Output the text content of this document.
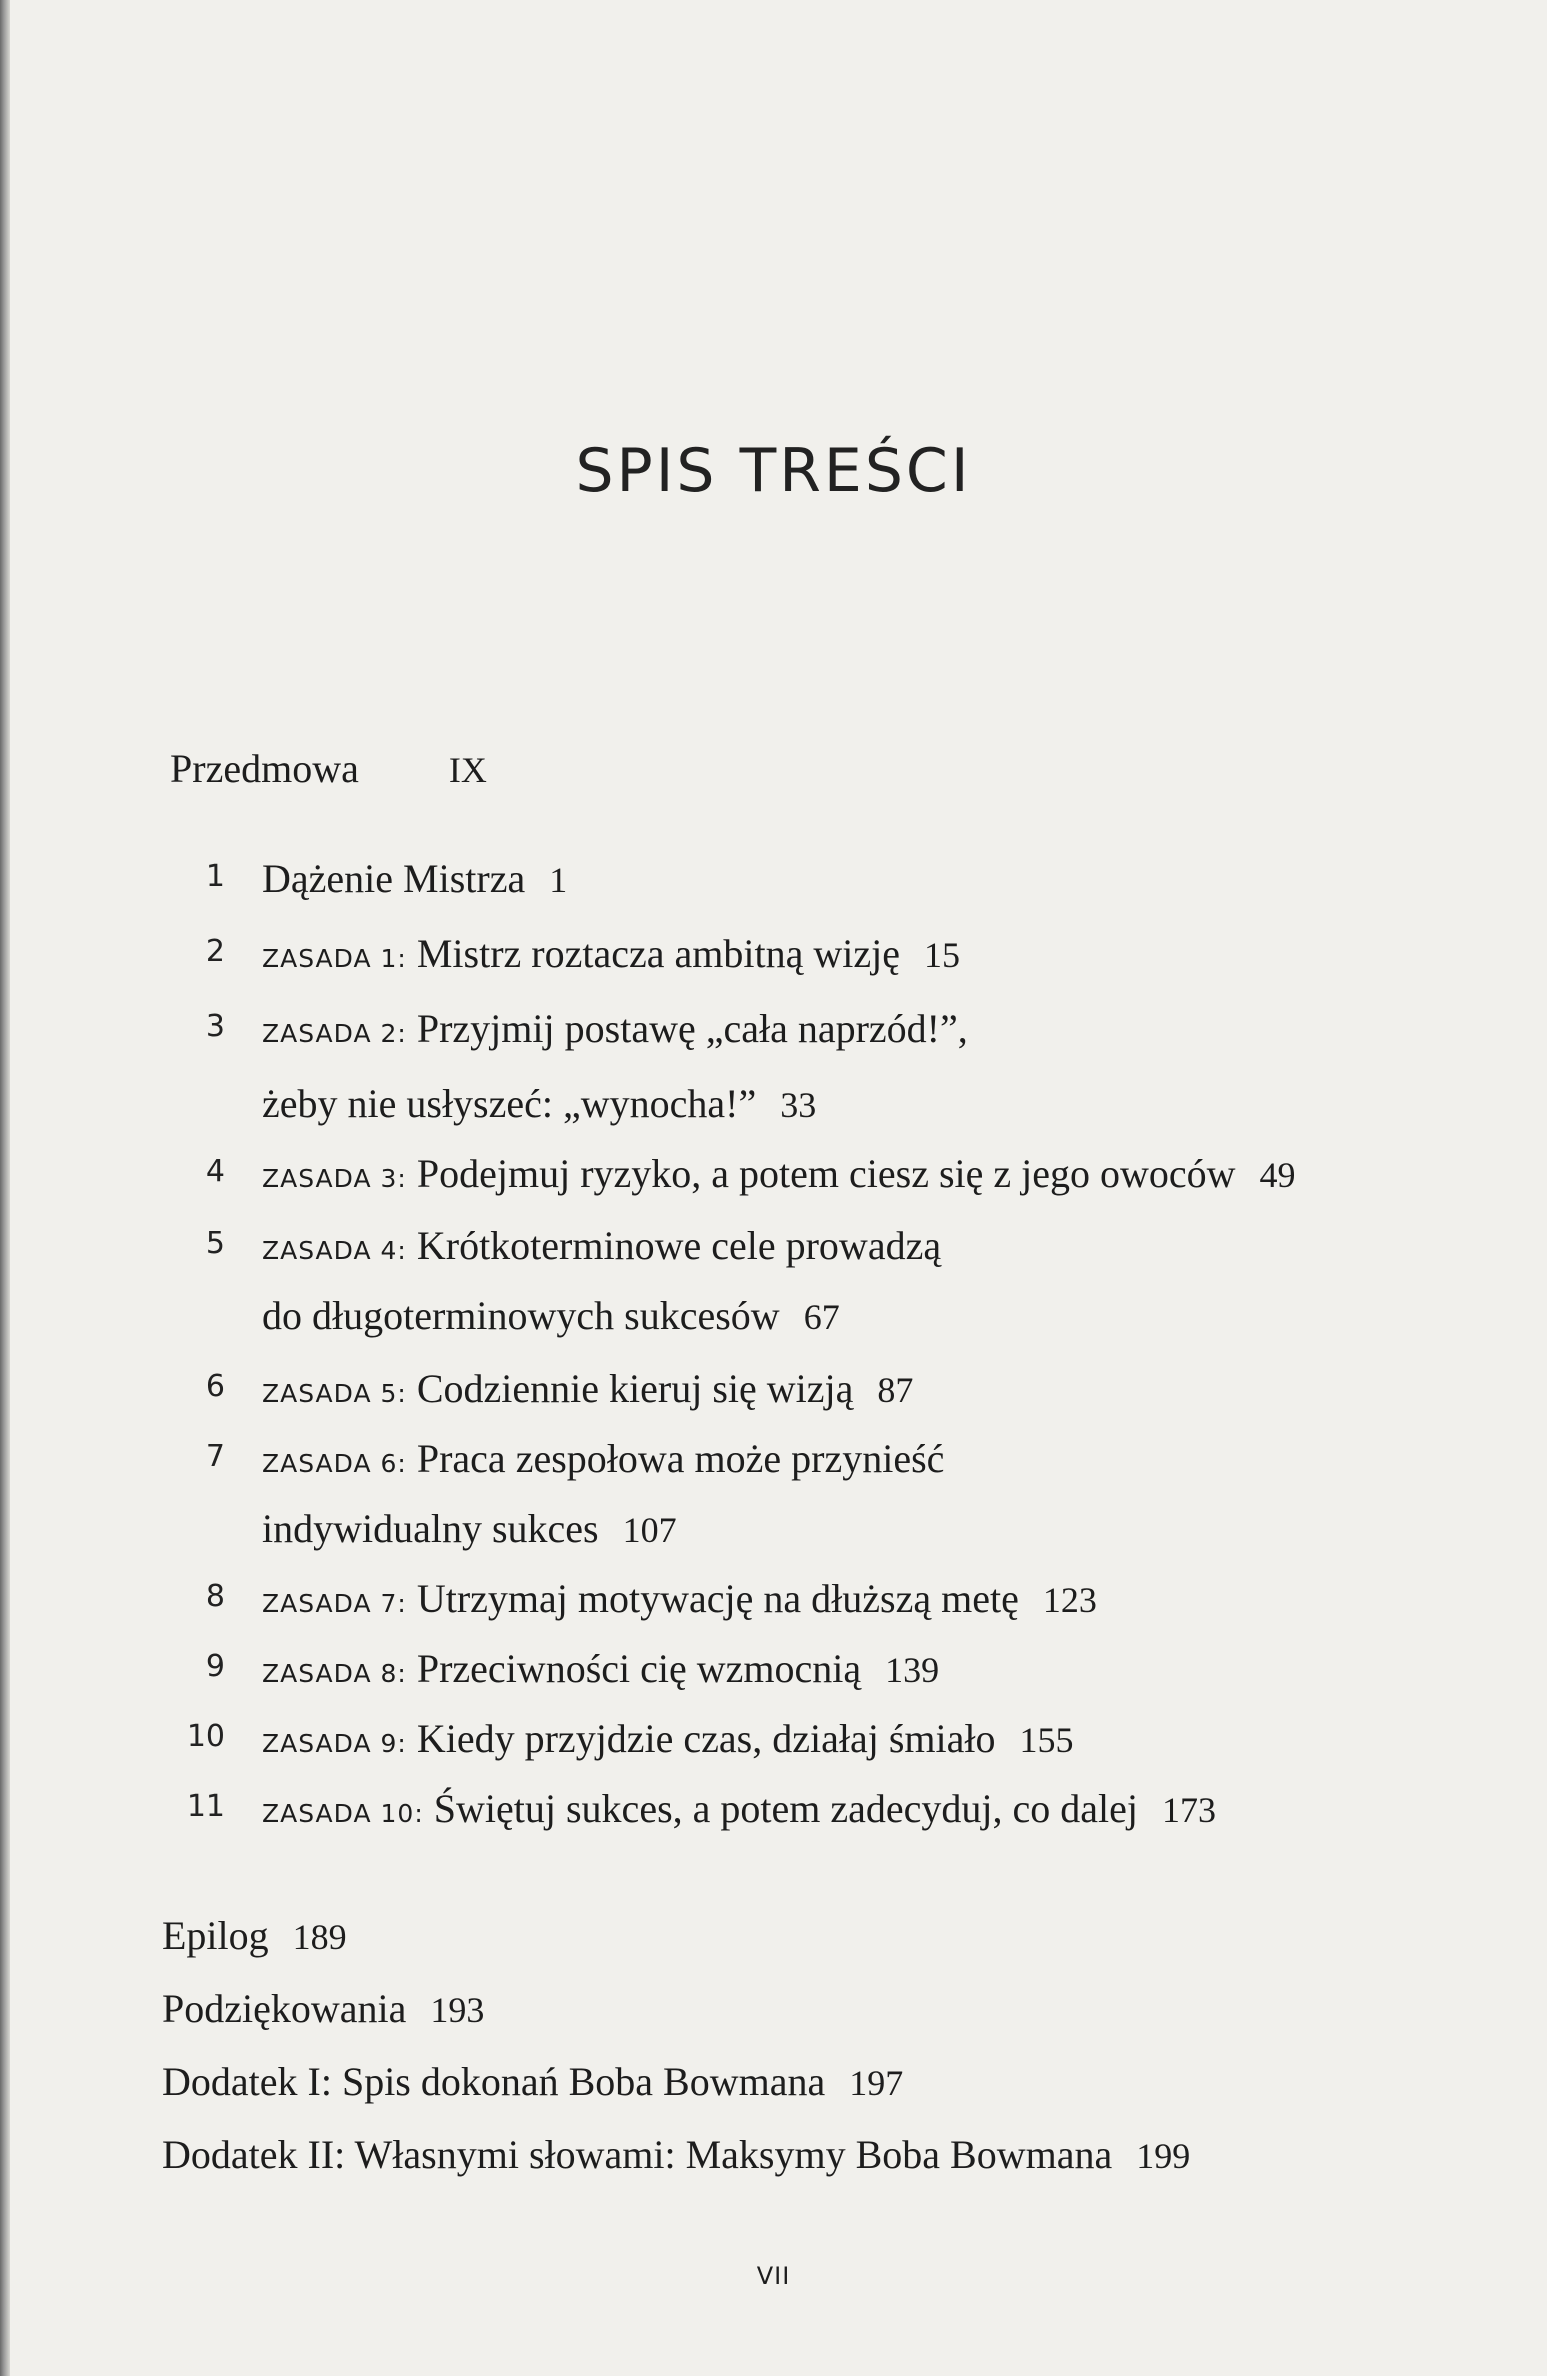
SPIS TREŚCI
Przedmowa	IX
1 Dążenie Mistrza 1
2 ZASADA 1: Mistrz roztacza ambitną wizję 15
3 ZASADA 2: Przyjmij postawę „cała naprzód!”,
żeby nie usłyszeć: „wynocha!” 33
4 ZASADA 3: Podejmuj ryzyko, a potem ciesz się z jego owoców 49
5 ZASADA 4: Krótkoterminowe cele prowadzą
do długoterminowych sukcesów 67
6 ZASADA 5: Codziennie kieruj się wizją 87
7 ZASADA 6: Praca zespołowa może przynieść
indywidualny sukces 107
8 ZASADA 7: Utrzymaj motywację na dłuższą metę 123
9 ZASADA 8: Przeciwności cię wzmocnią 139
10 ZASADA 9: Kiedy przyjdzie czas, działaj śmiało 155
11 ZASADA 10: Świętuj sukces, a potem zadecyduj, co dalej 173
Epilog 189
Podziękowania 193
Dodatek I: Spis dokonań Boba Bowmana 197
Dodatek II: Własnymi słowami: Maksymy Boba Bowmana 199
VII
